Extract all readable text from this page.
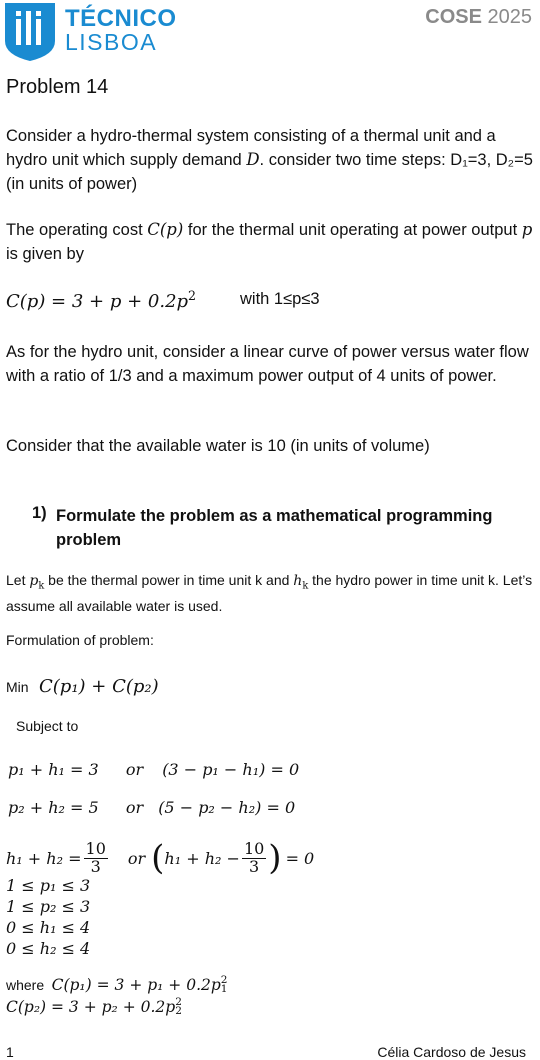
TÉCNICO
LISBOA
COSE 2025
Problem 14
Consider a hydro-thermal system consisting of a thermal unit and a hydro unit which supply demand D. consider two time steps: D₁=3, D₂=5 (in units of power)
The operating cost C(p) for the thermal unit operating at power output p is given by
$C(p) = 3 + p + 0.2p^2$	with 1≤p≤3
As for the hydro unit, consider a linear curve of power versus water flow with a ratio of 1/3 and a maximum power output of 4 units of power.
Consider that the available water is 10 (in units of volume)
1) Formulate the problem as a mathematical programming problem
Let $p_k$ be the thermal power in time unit k and $h_k$ the hydro power in time unit k. Let’s assume all available water is used.
Formulation of problem:
Min C(p₁) + C(p₂)
Subject to
p₁ + h₁ = 3 or (3 − p₁ − h₁) = 0
p₂ + h₂ = 5 or (5 − p₂ − h₂) = 0
$h_1 + h_2 = \frac{10}{3}$ or ( $h_1 + h_2 - \frac{10}{3}$ ) = 0
1 ≤ p₁ ≤ 3
1 ≤ p₂ ≤ 3
0 ≤ h₁ ≤ 4
0 ≤ h₂ ≤ 4
where C(p₁) = 3 + p₁ + 0.2p 2
1
C(p₂) = 3 + p₂ + 0.2p 2
2
1	Célia Cardoso de Jesus
